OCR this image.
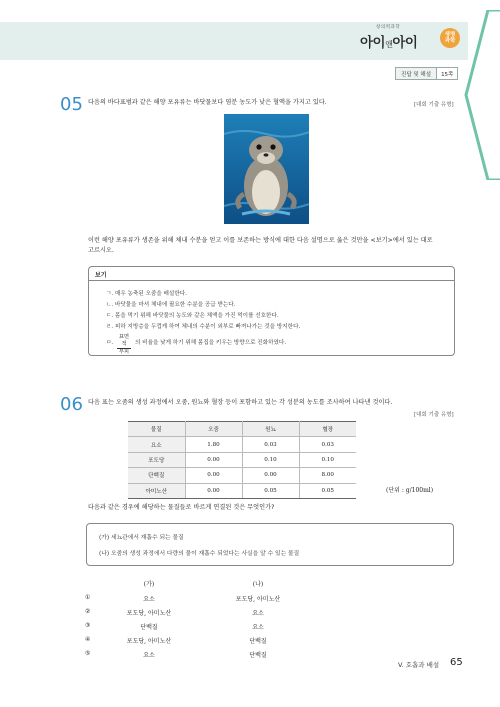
창의력과학
아이앤아이
생명
과학
진답 및 해설	15쪽
05 다음의 바다표범과 같은 해양 포유류는 바닷물보다 염분 농도가 낮은 혈액을 가지고 있다.	[대회 기출 유형]
이런 해양 포유류가 생존을 위해 체내 수분을 얻고 이를 보존하는 방식에 대한 다음 설명으로 옳은 것만을 <보기>에서 있는 대로
고르시오.
보기
ㄱ. 매우 농축된 오줌을 배설한다.
ㄴ. 바닷물을 마셔 체내에 필요한 수분을 공급 받는다.
ㄷ. 몸을 먹기 위해 바닷물의 농도와 같은 체액을 가진 먹이를 선호한다.
ㄹ. 피하 지방층을 두껍게 하여 체내의 수분이 외부로 빠져나가는 것을 방지한다.
ㅁ.
표면적
부피
의 비율을 낮게 하기 위해 몸집을 키우는 방향으로 진화하였다.
06 다음 표는 오줌의 생성 과정에서 오줌, 원뇨와 혈장 등이 포함하고 있는 각 성분의 농도를 조사하여 나타낸 것이다.
[대회 기출 유형]
물질	오줌	원뇨	혈장
요소	1.80	0.03	0.03
포도당	0.00	0.10	0.10
단백질	0.00	0.00	8.00
아미노산	0.00	0.05	0.05	(단위 : g/100ml)
다음과 같은 경우에 해당하는 물질들로 바르게 연결된 것은 무엇인가?
(가) 세뇨관에서 재흡수 되는 물질
(나) 오줌의 생성 과정에서 다량의 물이 재흡수 되었다는 사실을 알 수 있는 물질
(가)	(나)
①	요소	포도당, 아미노산
②	포도당, 아미노산	요소
③	단백질	요소
④	포도당, 아미노산	단백질
⑤	요소	단백질
V. 호흡과 배설 65
